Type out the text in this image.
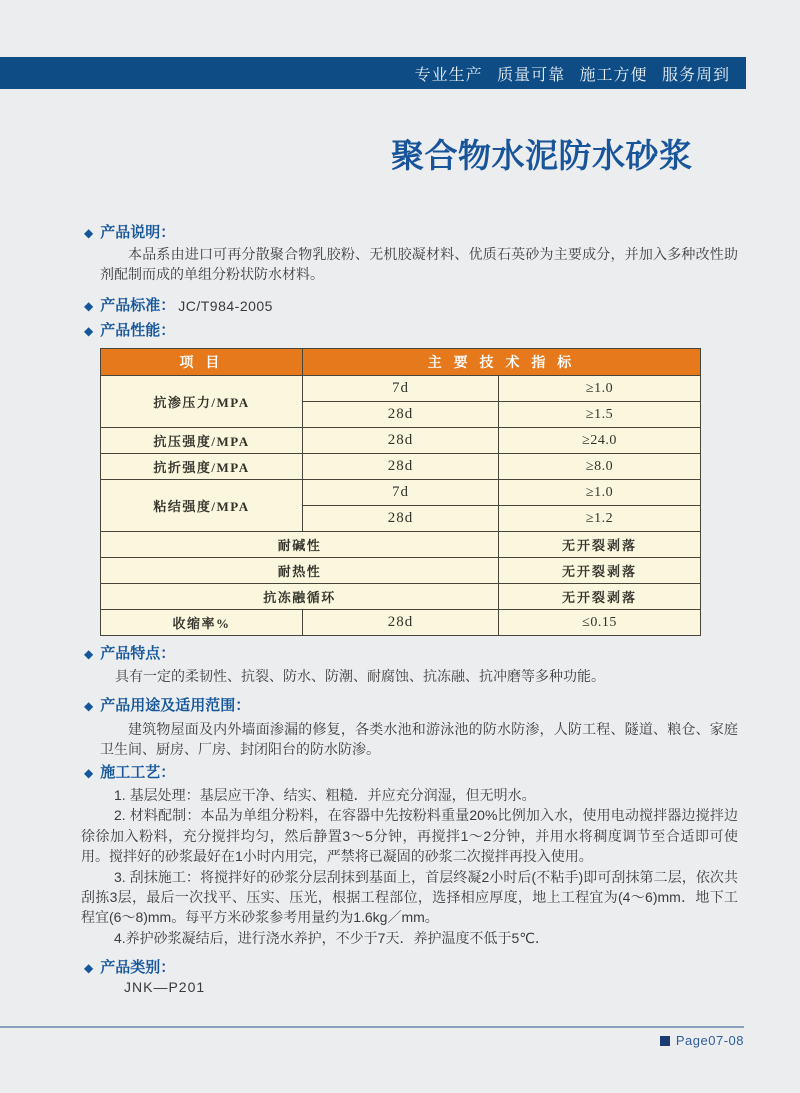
专业生产 质量可靠 施工方便 服务周到
聚合物水泥防水砂浆
◆ 产品说明：

本品系由进口可再分散聚合物乳胶粉、无机胶凝材料、优质石英砂为主要成分，并加入多种改性助剂配制而成的单组分粉状防水材料。

◆ 产品标准： JC/T984-2005
◆ 产品性能：
项 目	主 要 技 术 指 标	
抗渗压力/MPA	7d	≥1.0
	28d	≥1.5
抗压强度/MPA	28d	≥24.0
抗折强度/MPA	28d	≥8.0
粘结强度/MPA	7d	≥1.0
	28d	≥1.2
耐碱性		无开裂剥落
耐热性		无开裂剥落
抗冻融循环		无开裂剥落
收缩率%	28d	≤0.15
◆ 产品特点：

具有一定的柔韧性、抗裂、防水、防潮、耐腐蚀、抗冻融、抗冲磨等多种功能。

◆ 产品用途及适用范围：

建筑物屋面及内外墙面渗漏的修复，各类水池和游泳池的防水防渗，人防工程、隧道、粮仓、家庭卫生间、厨房、厂房、封闭阳台的防水防渗。

◆ 施工工艺：

1. 基层处理：基层应干净、结实、粗糙．并应充分润湿，但无明水。

2. 材料配制：本品为单组分粉料，在容器中先按粉料重量20%比例加入水，使用电动搅拌器边搅拌边徐徐加入粉料，充分搅拌均匀，然后静置3～5分钟，再搅拌1～2分钟，并用水将稠度调节至合适即可使用。搅拌好的砂浆最好在1小时内用完，严禁将已凝固的砂浆二次搅拌再投入使用。

3. 刮抹施工：将搅拌好的砂浆分层刮抹到基面上，首层终凝2小时后(不粘手)即可刮抹第二层，依次共刮拣3层，最后一次找平、压实、压光，根据工程部位，选择相应厚度，地上工程宜为(4～6)mm．地下工程宜(6～8)mm。每平方米砂浆参考用量约为1.6kg／mm。

4.养护砂浆凝结后，进行浇水养护，不少于7天．养护温度不低于5℃．

◆ 产品类别：
JNK—P201
Page07-08
